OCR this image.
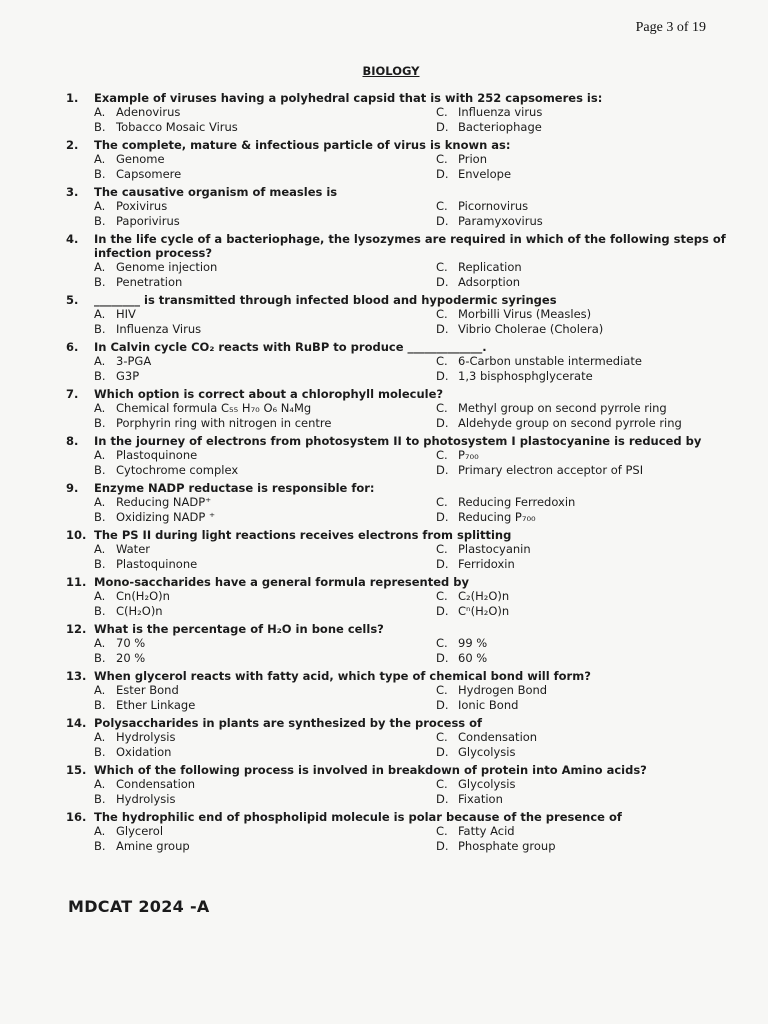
Page 3 of 19
BIOLOGY
1. Example of viruses having a polyhedral capsid that is with 252 capsomeres is:
A. Adenovirus	C. Influenza virus
B. Tobacco Mosaic Virus	D. Bacteriophage
2. The complete, mature & infectious particle of virus is known as:
A. Genome	C. Prion
B. Capsomere	D. Envelope
3. The causative organism of measles is
A. Poxivirus	C. Picornovirus
B. Paporivirus	D. Paramyxovirus
4. In the life cycle of a bacteriophage, the lysozymes are required in which of the following steps of infection process?
A. Genome injection	C. Replication
B. Penetration	D. Adsorption
5. ________ is transmitted through infected blood and hypodermic syringes
A. HIV	C. Morbilli Virus (Measles)
B. Influenza Virus	D. Vibrio Cholerae (Cholera)
6. In Calvin cycle CO₂ reacts with RuBP to produce _____________.
A. 3-PGA	C. 6-Carbon unstable intermediate
B. G3P	D. 1,3 bisphosphglycerate
7. Which option is correct about a chlorophyll molecule?
A. Chemical formula C₅₅ H₇₀ O₆ N₄Mg	C. Methyl group on second pyrrole ring
B. Porphyrin ring with nitrogen in centre	D. Aldehyde group on second pyrrole ring
8. In the journey of electrons from photosystem II to photosystem I plastocyanine is reduced by
A. Plastoquinone	C. P₇₀₀
B. Cytochrome complex	D. Primary electron acceptor of PSI
9. Enzyme NADP reductase is responsible for:
A. Reducing NADP⁺	C. Reducing Ferredoxin
B. Oxidizing NADP ⁺	D. Reducing P₇₀₀
10. The PS II during light reactions receives electrons from splitting
A. Water	C. Plastocyanin
B. Plastoquinone	D. Ferridoxin
11. Mono-saccharides have a general formula represented by
A. Cn(H₂O)n	C. C₂(H₂O)n
B. C(H₂O)n	D. Cⁿ(H₂O)n
12. What is the percentage of H₂O in bone cells?
A. 70 %	C. 99 %
B. 20 %	D. 60 %
13. When glycerol reacts with fatty acid, which type of chemical bond will form?
A. Ester Bond	C. Hydrogen Bond
B. Ether Linkage	D. Ionic Bond
14. Polysaccharides in plants are synthesized by the process of
A. Hydrolysis	C. Condensation
B. Oxidation	D. Glycolysis
15. Which of the following process is involved in breakdown of protein into Amino acids?
A. Condensation	C. Glycolysis
B. Hydrolysis	D. Fixation
16. The hydrophilic end of phospholipid molecule is polar because of the presence of
A. Glycerol	C. Fatty Acid
B. Amine group	D. Phosphate group
MDCAT 2024 -A
